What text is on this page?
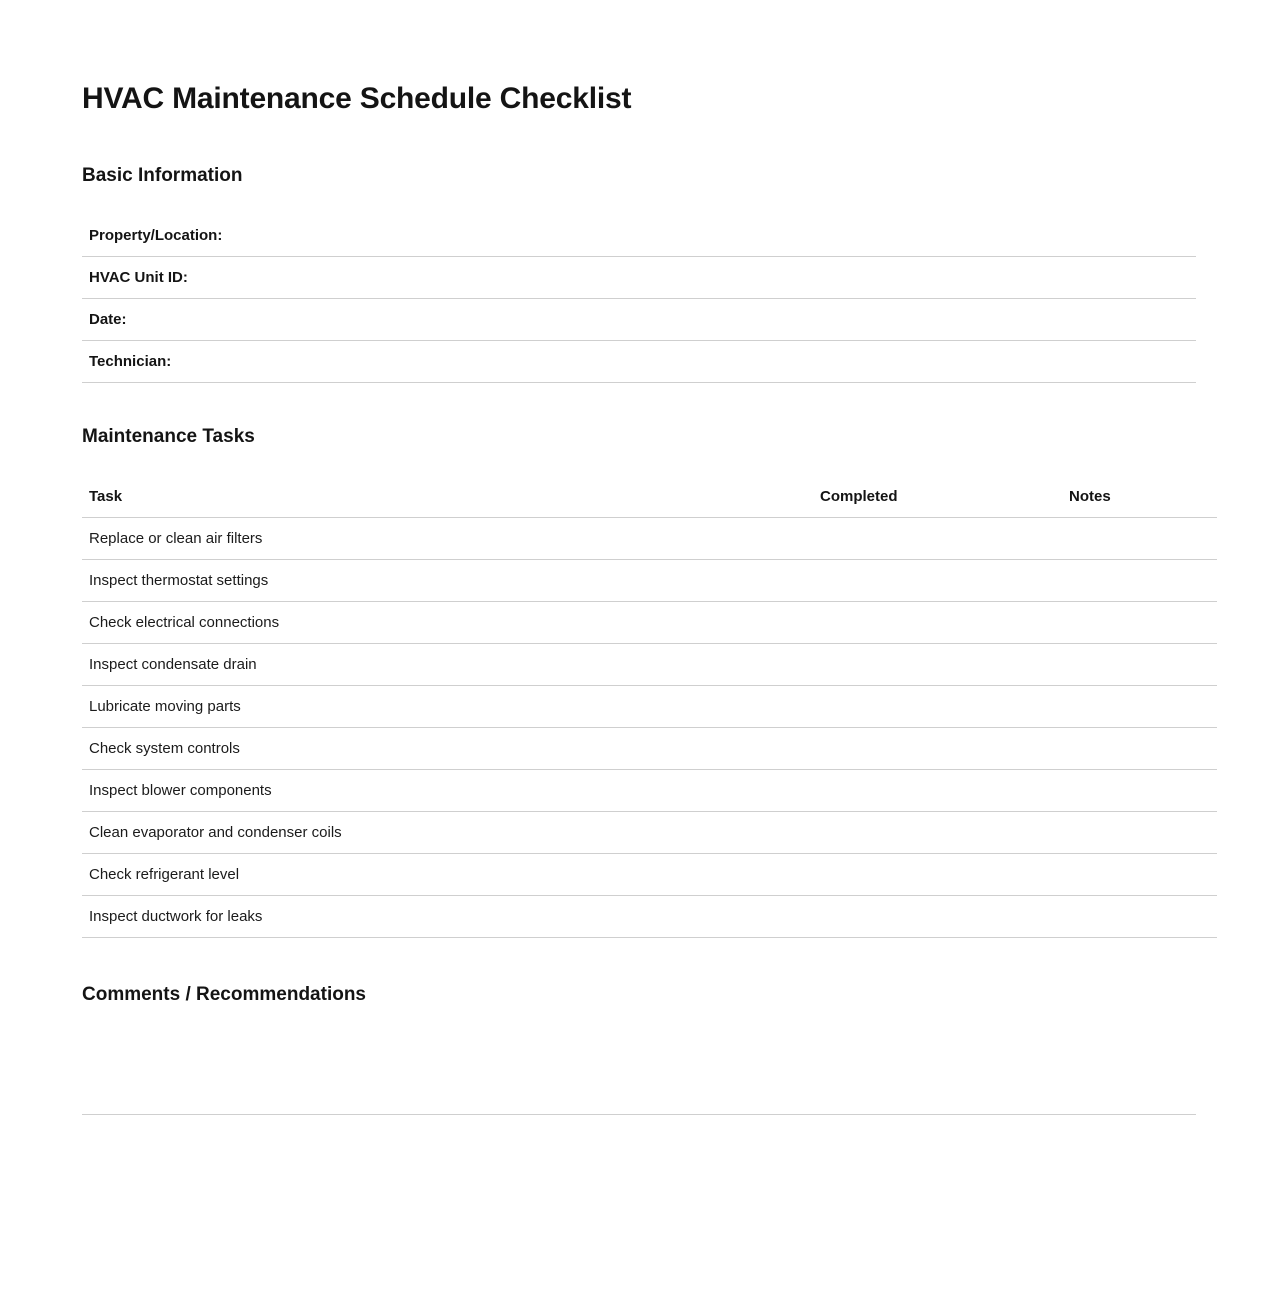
HVAC Maintenance Schedule Checklist
Basic Information
Property/Location:
HVAC Unit ID:
Date:
Technician:
Maintenance Tasks
Task	Completed	Notes
Replace or clean air filters		
Inspect thermostat settings		
Check electrical connections		
Inspect condensate drain		
Lubricate moving parts		
Check system controls		
Inspect blower components		
Clean evaporator and condenser coils		
Check refrigerant level		
Inspect ductwork for leaks		
Comments / Recommendations
